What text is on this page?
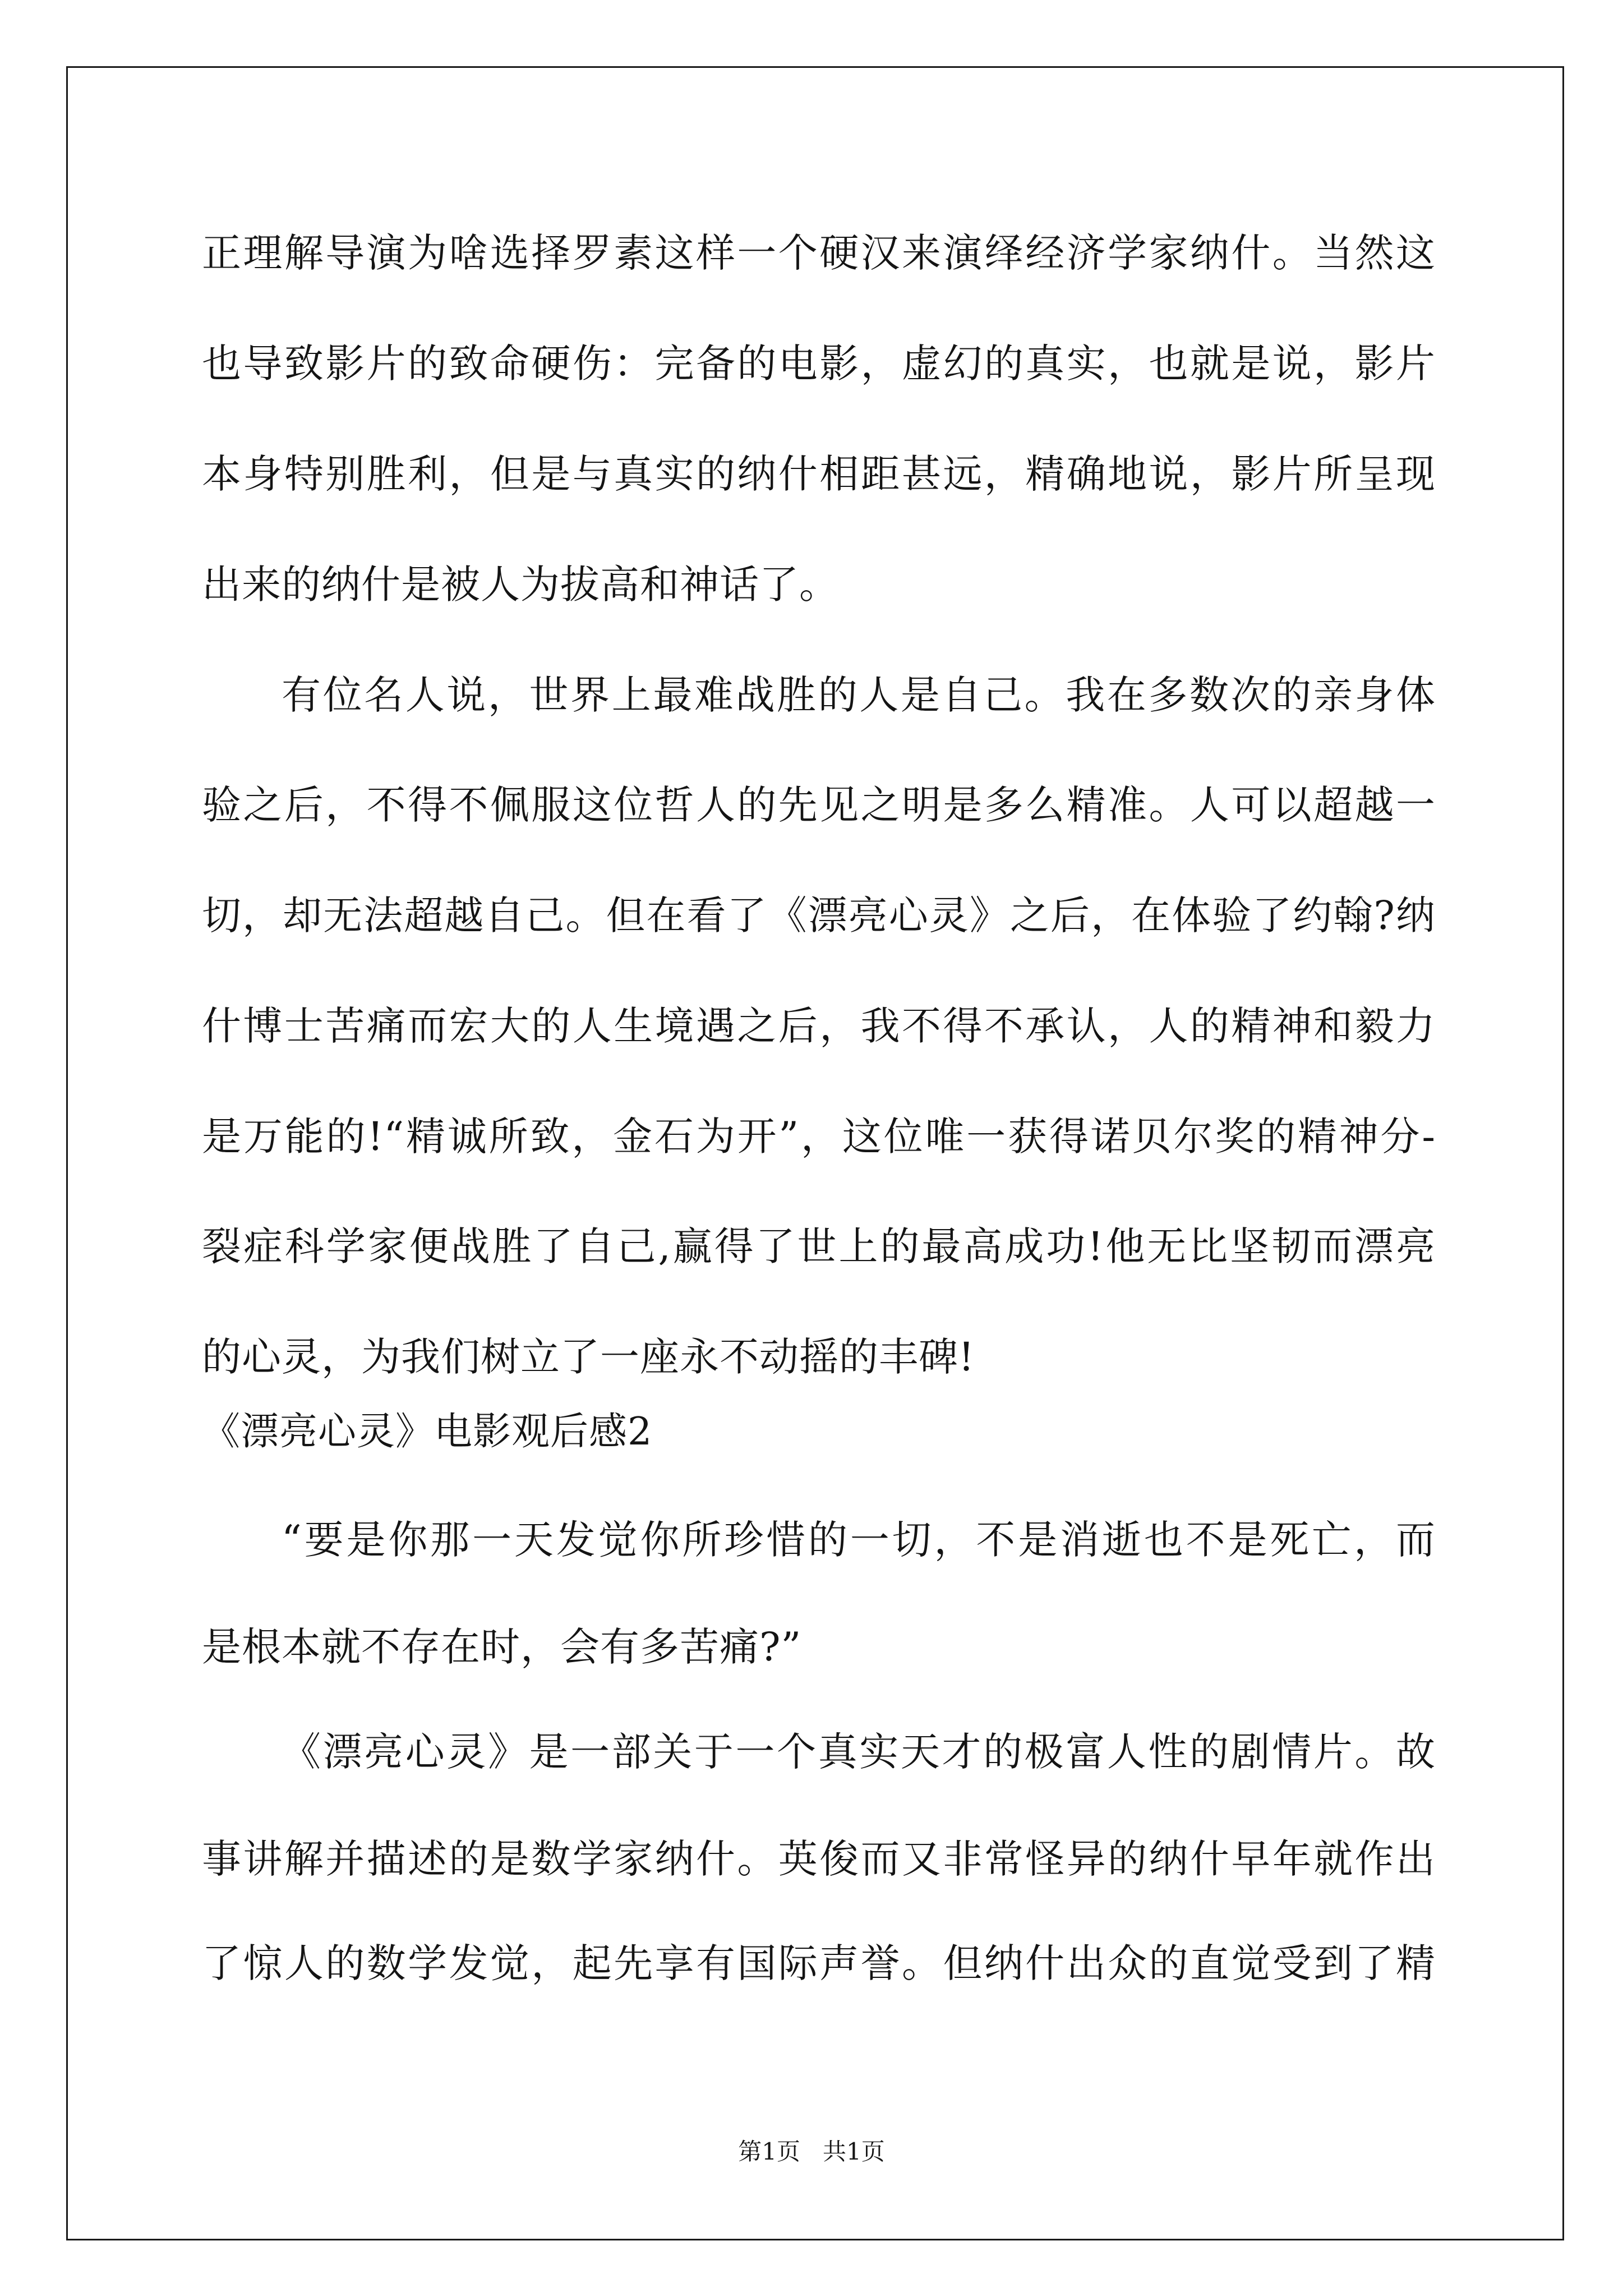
正理解导演为啥选择罗素这样一个硬汉来演绎经济学家纳什。当然这
也导致影片的致命硬伤：完备的电影，虚幻的真实，也就是说，影片
本身特别胜利，但是与真实的纳什相距甚远，精确地说，影片所呈现
出来的纳什是被人为拔高和神话了。
有位名人说，世界上最难战胜的人是自己。我在多数次的亲身体
验之后，不得不佩服这位哲人的先见之明是多么精准。人可以超越一
切，却无法超越自己。但在看了《漂亮心灵》之后，在体验了约翰?纳
什博士苦痛而宏大的人生境遇之后，我不得不承认，人的精神和毅力
是万能的!“精诚所致，金石为开”，这位唯一获得诺贝尔奖的精神分-
裂症科学家便战胜了自己,赢得了世上的最高成功!他无比坚韧而漂亮
的心灵，为我们树立了一座永不动摇的丰碑!
《漂亮心灵》电影观后感2
“要是你那一天发觉你所珍惜的一切，不是消逝也不是死亡，而
是根本就不存在时，会有多苦痛?”
《漂亮心灵》是一部关于一个真实天才的极富人性的剧情片。故
事讲解并描述的是数学家纳什。英俊而又非常怪异的纳什早年就作出
了惊人的数学发觉，起先享有国际声誉。但纳什出众的直觉受到了精
第1页 共1页
